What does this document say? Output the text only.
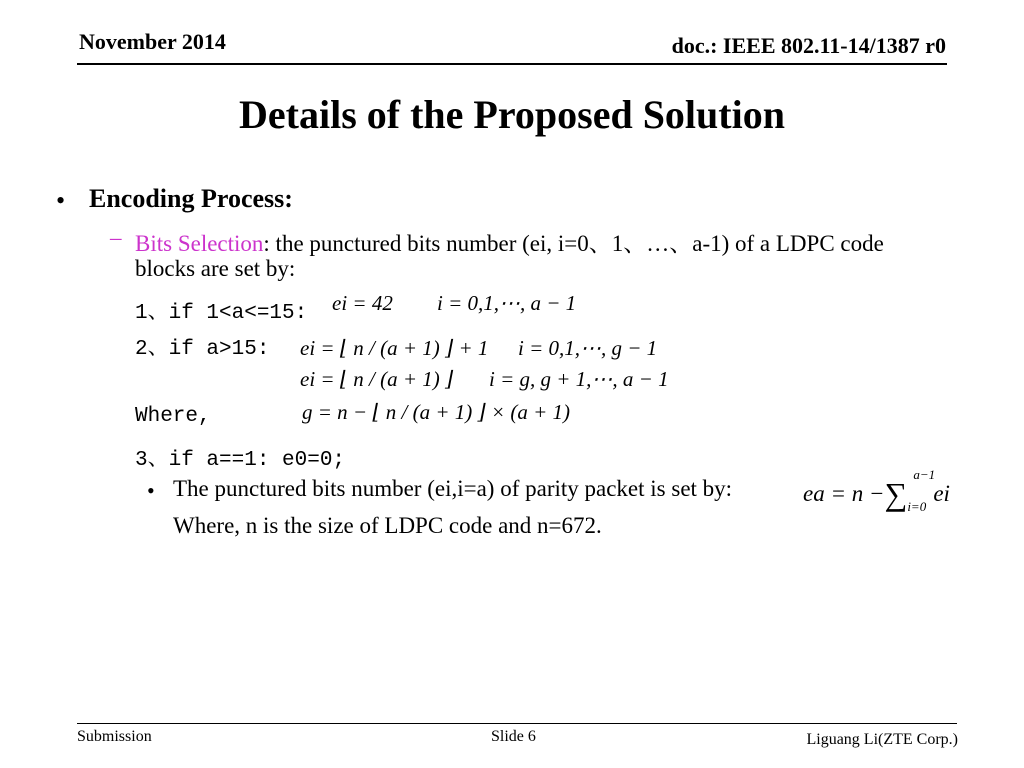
November 2014	doc.: IEEE 802.11-14/1387 r0
Details of the Proposed Solution
• Encoding Process:
– Bits Selection: the punctured bits number (ei, i=0、1、…、a-1) of a LDPC code
blocks are set by:
1、if 1<a<=15: ei = 42 i = 0,1,⋯, a − 1
2、if a>15: ei = ⌊ n / (a + 1) ⌋ + 1 i = 0,1,⋯, g − 1
ei = ⌊ n / (a + 1) ⌋ i = g, g + 1,⋯, a − 1
Where,	g = n − ⌊ n / (a + 1) ⌋ × (a + 1)
3、if a==1: e0=0;
• The punctured bits number (ei,i=a) of parity packet is set by:	ea = n −∑
a−1
i=0
ei
Where, n is the size of LDPC code and n=672.
Submission	Slide 6	Liguang Li(ZTE Corp.)
